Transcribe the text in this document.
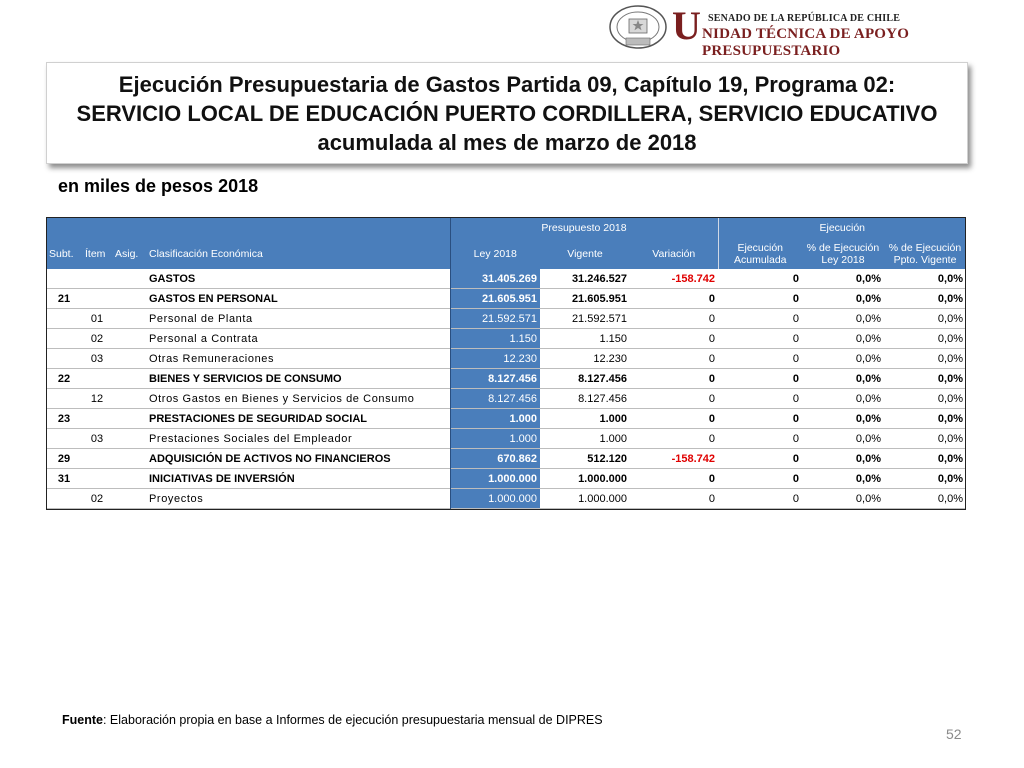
U SENADO DE LA REPÚBLICA DE CHILE
NIDAD TÉCNICA DE APOYO PRESUPUESTARIO
Ejecución Presupuestaria de Gastos Partida 09, Capítulo 19, Programa 02:
SERVICIO LOCAL DE EDUCACIÓN PUERTO CORDILLERA, SERVICIO EDUCATIVO
acumulada al mes de marzo de 2018
en miles de pesos 2018
				Presupuesto 2018			Ejecución		
Subt.	Ítem	Asig.	Clasificación Económica	Ley 2018	Vigente	Variación	Ejecución Acumulada	% de Ejecución Ley 2018	% de Ejecución Ppto. Vigente
			GASTOS	31.405.269	31.246.527	-158.742	0	0,0%	0,0%
21			GASTOS EN PERSONAL	21.605.951	21.605.951	0	0	0,0%	0,0%
	01		Personal de Planta	21.592.571	21.592.571	0	0	0,0%	0,0%
	02		Personal a Contrata	1.150	1.150	0	0	0,0%	0,0%
	03		Otras Remuneraciones	12.230	12.230	0	0	0,0%	0,0%
22			BIENES Y SERVICIOS DE CONSUMO	8.127.456	8.127.456	0	0	0,0%	0,0%
	12		Otros Gastos en Bienes y Servicios de Consumo	8.127.456	8.127.456	0	0	0,0%	0,0%
23			PRESTACIONES DE SEGURIDAD SOCIAL	1.000	1.000	0	0	0,0%	0,0%
	03		Prestaciones Sociales del Empleador	1.000	1.000	0	0	0,0%	0,0%
29			ADQUISICIÓN DE ACTIVOS NO FINANCIEROS	670.862	512.120	-158.742	0	0,0%	0,0%
31			INICIATIVAS DE INVERSIÓN	1.000.000	1.000.000	0	0	0,0%	0,0%
	02		Proyectos	1.000.000	1.000.000	0	0	0,0%	0,0%
Fuente: Elaboración propia en base a Informes de ejecución presupuestaria mensual de DIPRES
52
